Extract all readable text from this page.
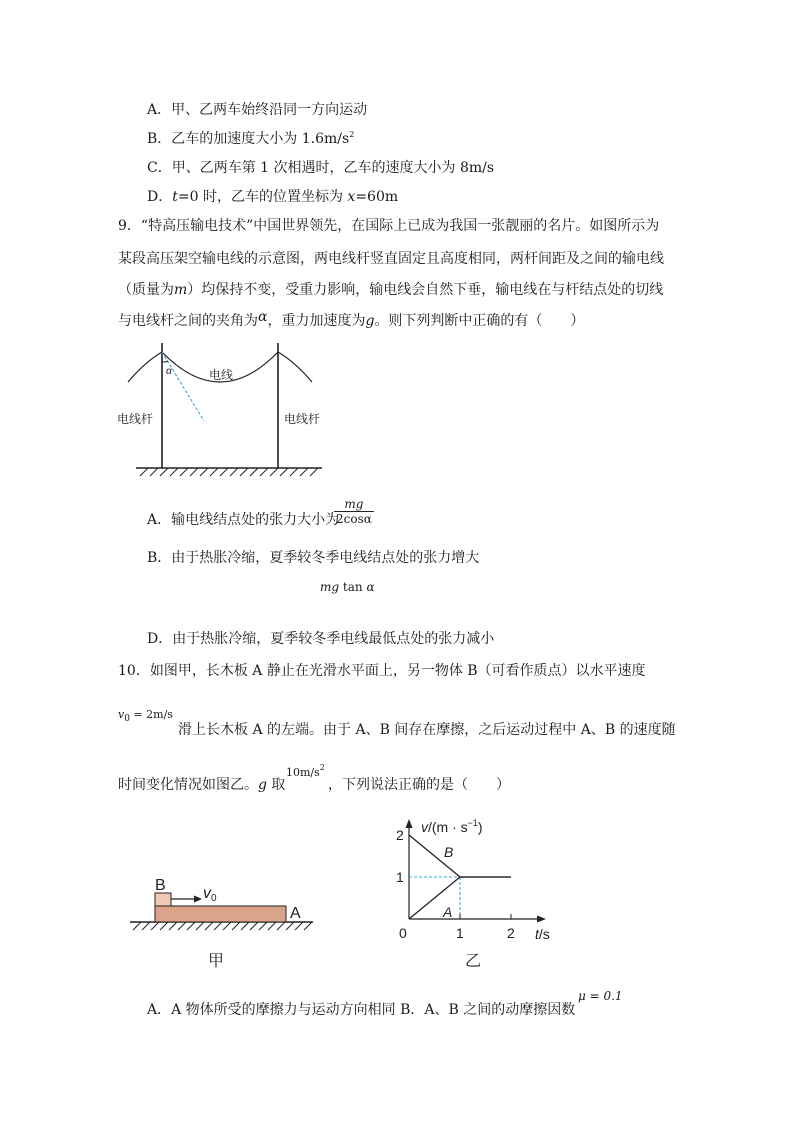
A．甲、乙两车始终沿同一方向运动
B．乙车的加速度大小为 $1.6m/s^2$
C．甲、乙两车第 1 次相遇时，乙车的速度大小为 8m/s
D．t=0 时，乙车的位置坐标为 x=60m
9．“特高压输电技术”中国世界领先，在国际上已成为我国一张靓丽的名片。如图所示为
某段高压架空输电线的示意图，两电线杆竖直固定且高度相同，两杆间距及之间的输电线
（质量为m）均保持不变，受重力影响，输电线会自然下垂，输电线在与杆结点处的切线
与电线杆之间的夹角为α，重力加速度为g。则下列判断中正确的有（　　）
α	电线
电线杆	电线杆
A．输电线结点处的张力大小为
$\frac{mg}{2\cos\alpha}$
B．由于热胀冷缩，夏季较冬季电线结点处的张力增大
mg tan α
D．由于热胀冷缩，夏季较冬季电线最低点处的张力减小
10．如图甲，长木板 A 静止在光滑水平面上，另一物体 B（可看作质点）以水平速度
$v_0 = 2m/s$
滑上长木板 A 的左端。由于 A、B 间存在摩擦，之后运动过程中 A、B 的速度随
时间变化情况如图乙。g 取
$10m/s^2$
，下列说法正确的是（　　）
B
A
v0
甲
1	2
1
2
B
A
$v/(m \cdot s^{-1})$
t/s
0
乙
A．A 物体所受的摩擦力与运动方向相同 B．A、B 之间的动摩擦因数
μ = 0.1
